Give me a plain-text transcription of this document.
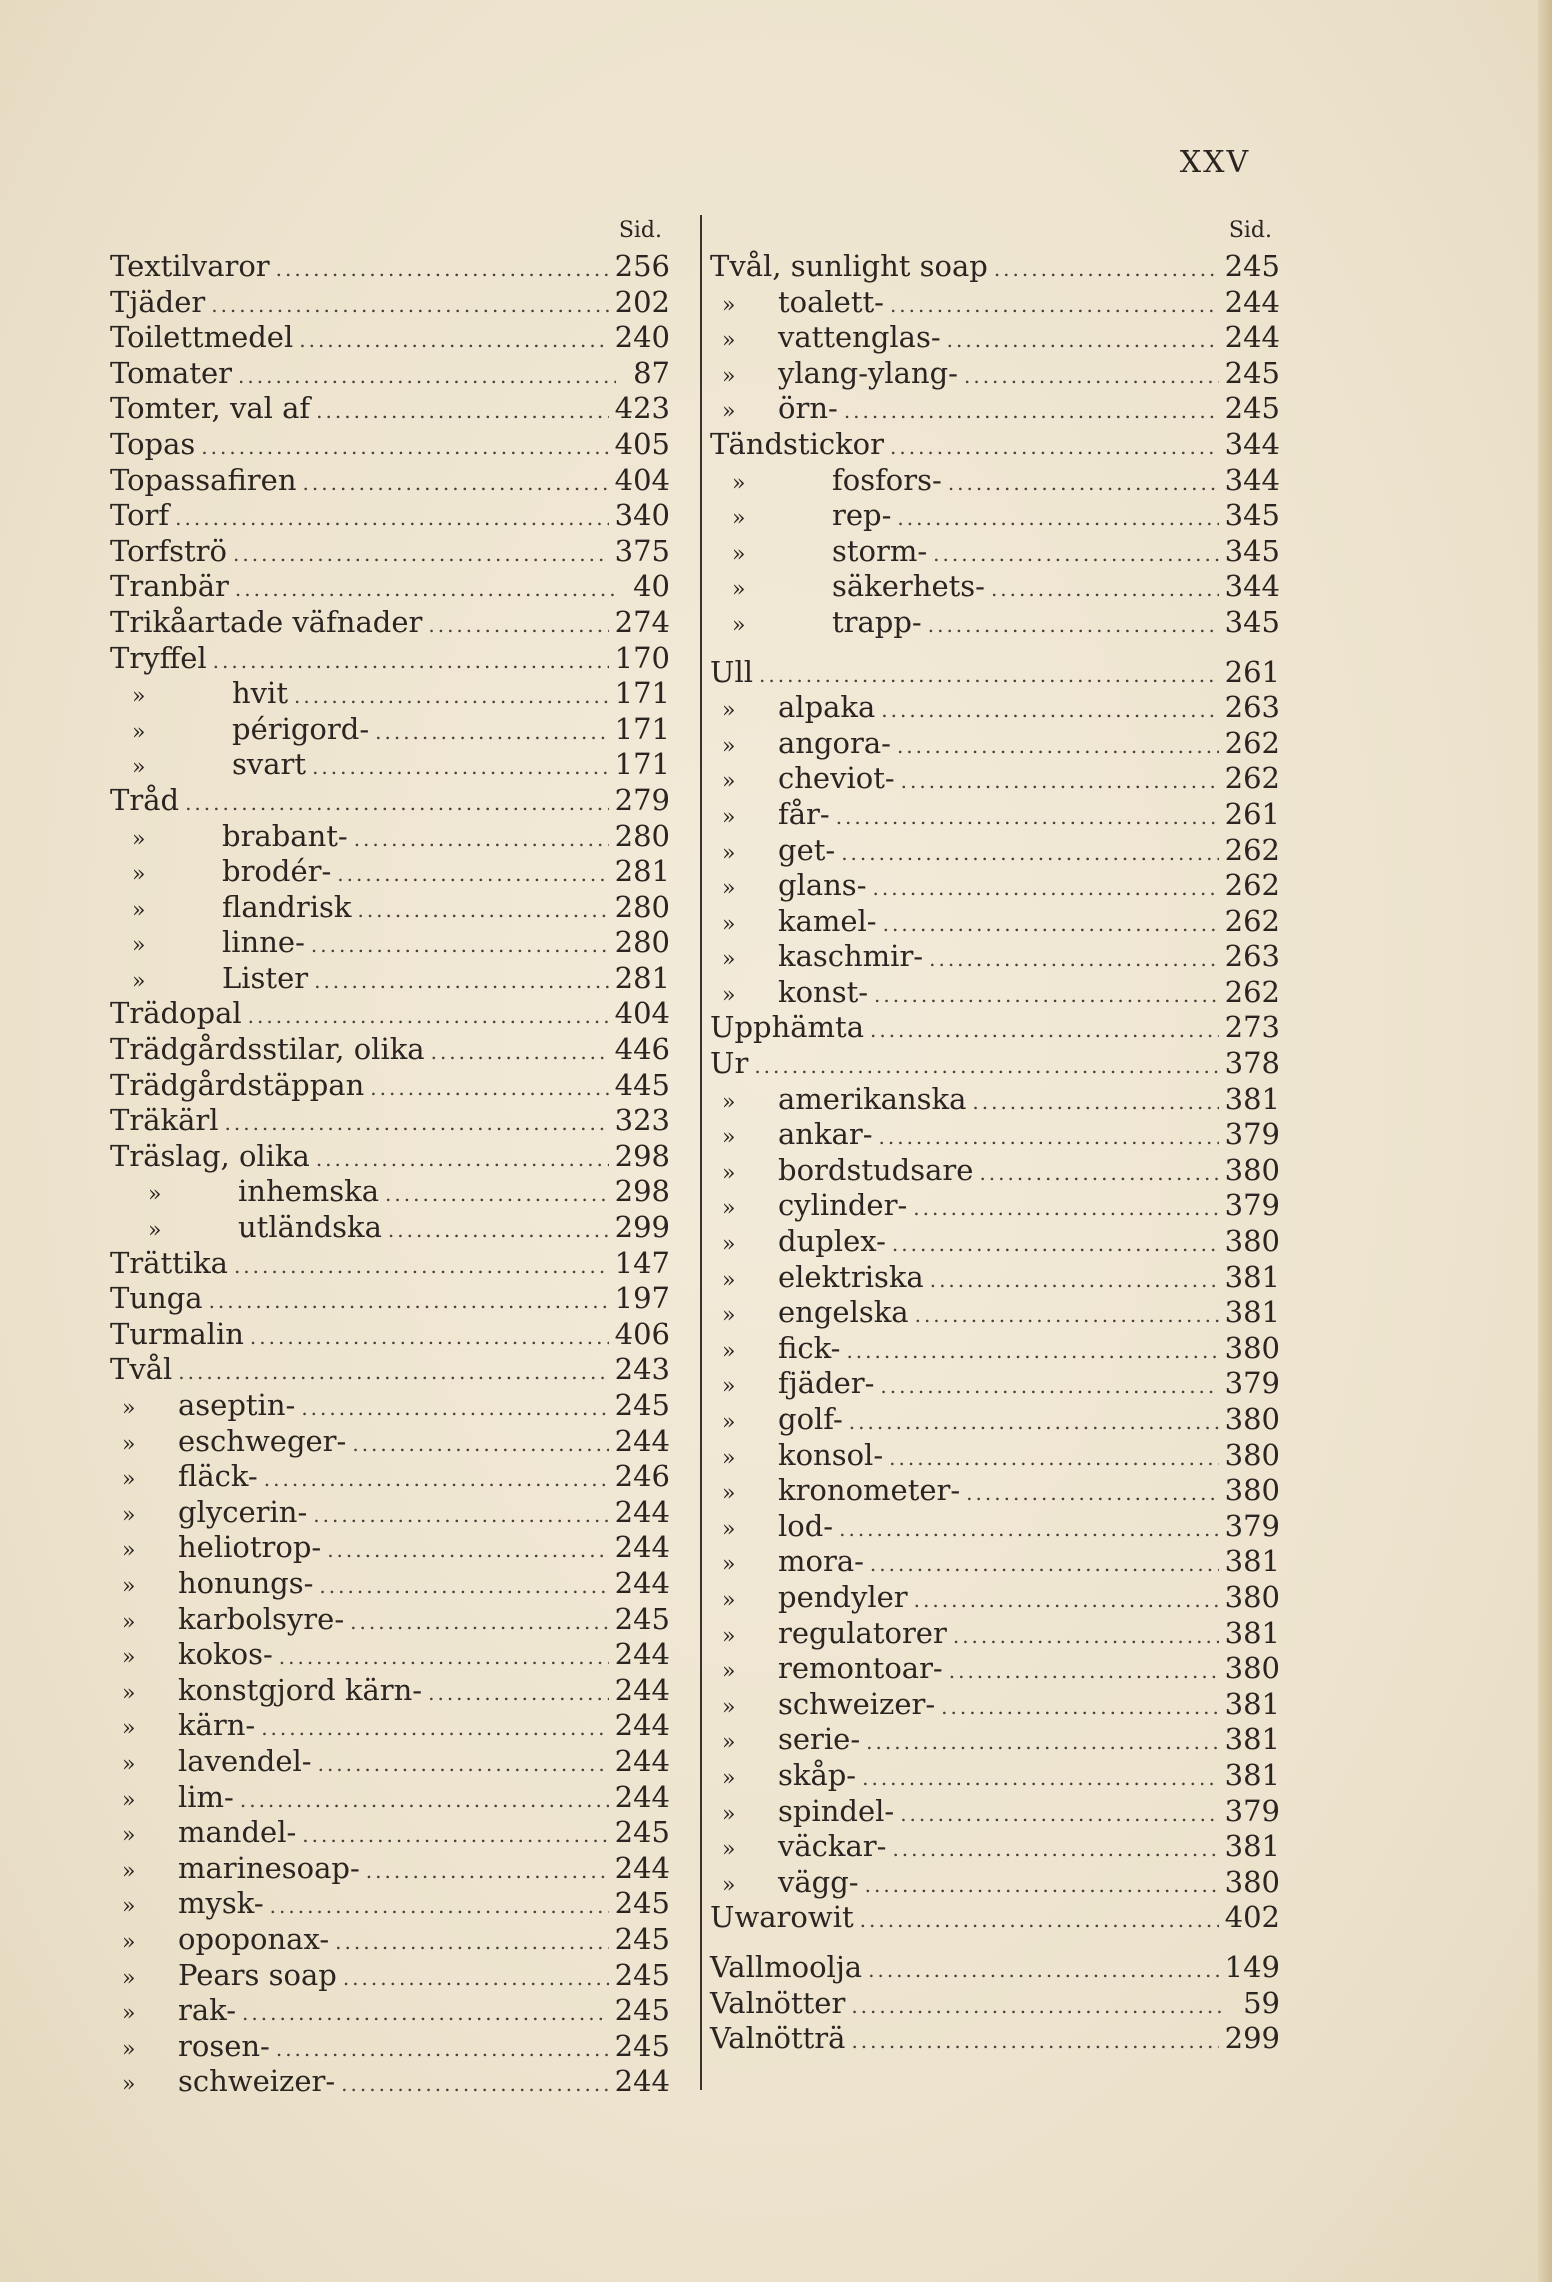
XXV
Sid.
Textilvaror .....	256
Tjäder .....	202
Toilettmedel .....	240
Tomater .....	87
Tomter, val af .....	423
Topas .....	405
Topassafiren .....	404
Torf .....	340
Torfströ .....	375
Tranbär .....	40
Trikåartade väfnader .....	274
Tryffel .....	170
»	hvit .....	171
»	périgord- .....	171
»	svart .....	171
Tråd .....	279
»	brabant- .....	280
»	brodér- .....	281
»	flandrisk .....	280
»	linne- .....	280
»	Lister .....	281
Trädopal .....	404
Trädgårdsstilar, olika .....	446
Trädgårdstäppan .....	445
Träkärl .....	323
Träslag, olika .....	298
»	inhemska .....	298
»	utländska .....	299
Trättika .....	147
Tunga .....	197
Turmalin .....	406
Tvål .....	243
»	aseptin- .....	245
»	eschweger- .....	244
»	fläck- .....	246
»	glycerin- .....	244
»	heliotrop- .....	244
»	honungs- .....	244
»	karbolsyre- .....	245
»	kokos- .....	244
»	konstgjord kärn- .....	244
»	kärn- .....	244
»	lavendel- .....	244
»	lim- .....	244
»	mandel- .....	245
»	marinesoap- .....	244
»	mysk- .....	245
»	opoponax- .....	245
»	Pears soap .....	245
»	rak- .....	245
»	rosen- .....	245
»	schweizer- .....	244
Sid.
Tvål, sunlight soap .....	245
»	toalett- .....	244
»	vattenglas- .....	244
»	ylang-ylang- .....	245
»	örn- .....	245
Tändstickor .....	344
»	fosfors- .....	344
»	rep- .....	345
»	storm- .....	345
»	säkerhets- .....	344
»	trapp- .....	345
Ull .....	261
»	alpaka .....	263
»	angora- .....	262
»	cheviot- .....	262
»	får- .....	261
»	get- .....	262
»	glans- .....	262
»	kamel- .....	262
»	kaschmir- .....	263
»	konst- .....	262
Upphämta .....	273
Ur .....	378
»	amerikanska .....	381
»	ankar- .....	379
»	bordstudsare .....	380
»	cylinder- .....	379
»	duplex- .....	380
»	elektriska .....	381
»	engelska .....	381
»	fick- .....	380
»	fjäder- .....	379
»	golf- .....	380
»	konsol- .....	380
»	kronometer- .....	380
»	lod- .....	379
»	mora- .....	381
»	pendyler .....	380
»	regulatorer .....	381
»	remontoar- .....	380
»	schweizer- .....	381
»	serie- .....	381
»	skåp- .....	381
»	spindel- .....	379
»	väckar- .....	381
»	vägg- .....	380
Uwarowit .....	402
Vallmoolja .....	149
Valnötter .....	59
Valnötträ .....	299
